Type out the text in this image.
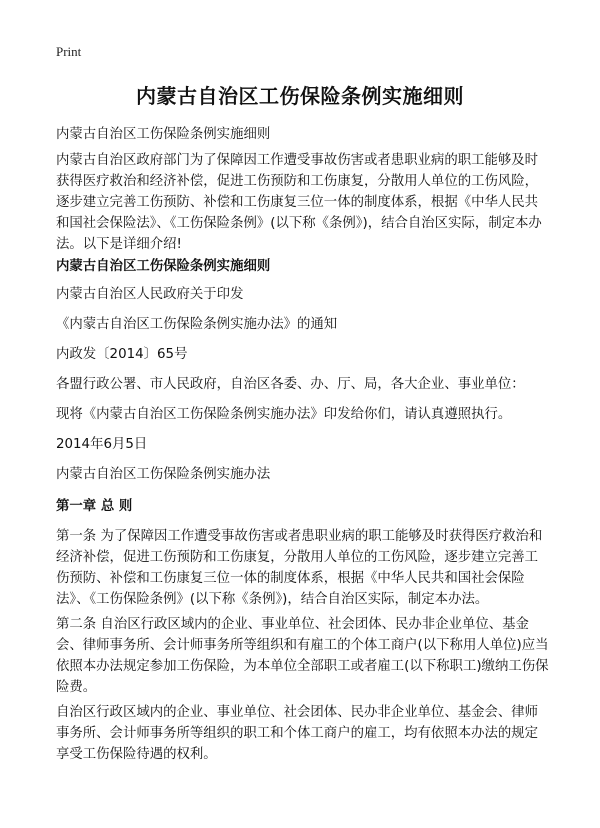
Print
内蒙古自治区工伤保险条例实施细则

内蒙古自治区工伤保险条例实施细则

内蒙古自治区政府部门为了保障因工作遭受事故伤害或者患职业病的职工能够及时获得医疗救治和经济补偿，促进工伤预防和工伤康复，分散用人单位的工伤风险，逐步建立完善工伤预防、补偿和工伤康复三位一体的制度体系，根据《中华人民共和国社会保险法》、《工伤保险条例》(以下称《条例》)，结合自治区实际，制定本办法。以下是详细介绍!

内蒙古自治区工伤保险条例实施细则

内蒙古自治区人民政府关于印发

《内蒙古自治区工伤保险条例实施办法》的通知

内政发〔2014〕65号

各盟行政公署、市人民政府，自治区各委、办、厅、局，各大企业、事业单位：

现将《内蒙古自治区工伤保险条例实施办法》印发给你们，请认真遵照执行。

2014年6月5日

内蒙古自治区工伤保险条例实施办法

第一章 总 则

第一条 为了保障因工作遭受事故伤害或者患职业病的职工能够及时获得医疗救治和经济补偿，促进工伤预防和工伤康复，分散用人单位的工伤风险，逐步建立完善工伤预防、补偿和工伤康复三位一体的制度体系，根据《中华人民共和国社会保险法》、《工伤保险条例》(以下称《条例》)，结合自治区实际，制定本办法。

第二条 自治区行政区域内的企业、事业单位、社会团体、民办非企业单位、基金会、律师事务所、会计师事务所等组织和有雇工的个体工商户(以下称用人单位)应当依照本办法规定参加工伤保险，为本单位全部职工或者雇工(以下称职工)缴纳工伤保险费。

自治区行政区域内的企业、事业单位、社会团体、民办非企业单位、基金会、律师事务所、会计师事务所等组织的职工和个体工商户的雇工，均有依照本办法的规定享受工伤保险待遇的权利。
